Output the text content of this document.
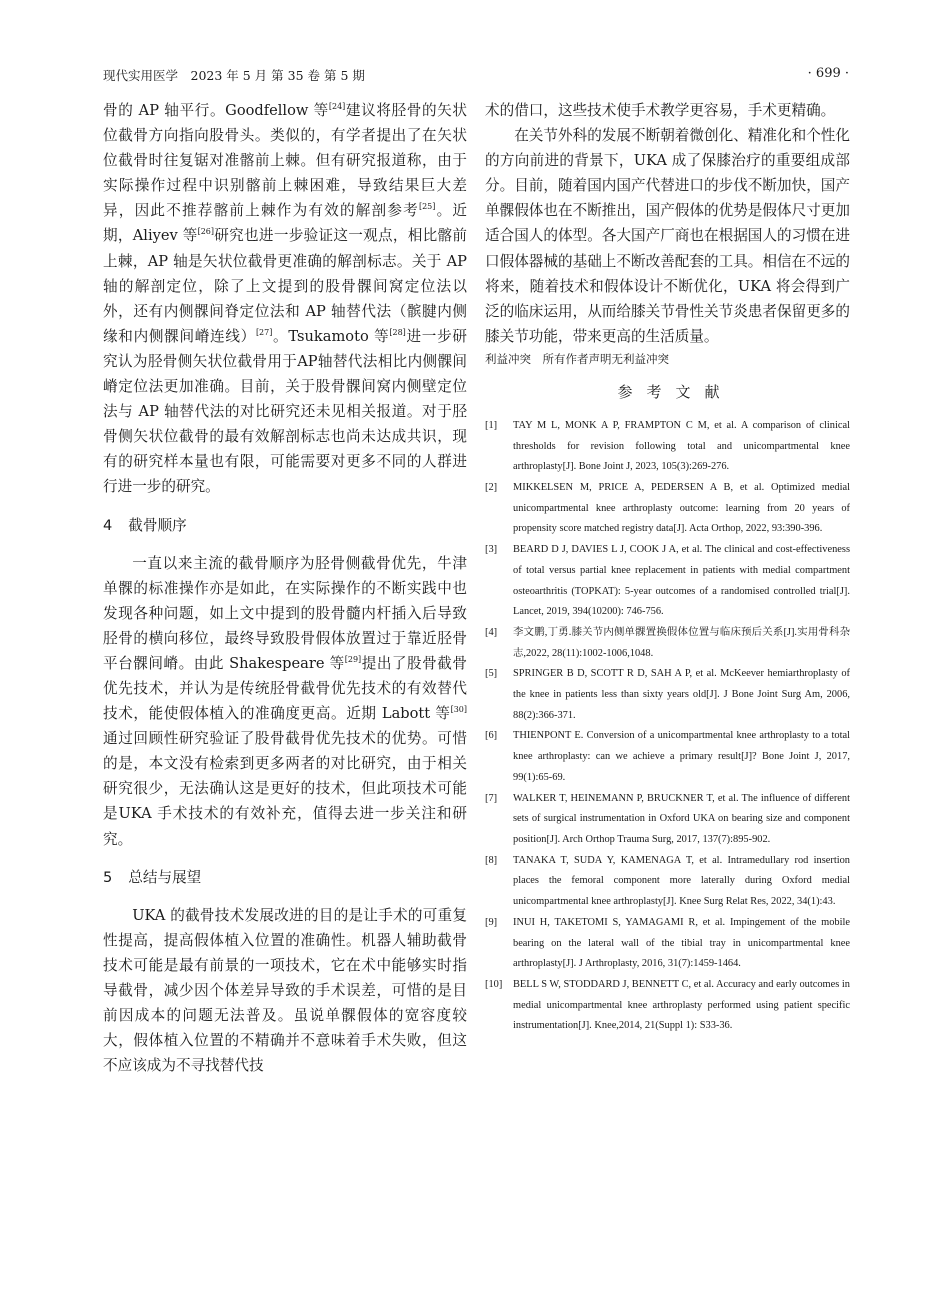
现代实用医学　2023 年 5 月 第 35 卷 第 5 期	· 699 ·

骨的 AP 轴平行。Goodfellow 等[24]建议将胫骨的矢状位截骨方向指向股骨头。类似的，有学者提出了在矢状位截骨时往复锯对准髂前上棘。但有研究报道称，由于实际操作过程中识别髂前上棘困难，导致结果巨大差异，因此不推荐髂前上棘作为有效的解剖参考[25]。近期，Aliyev 等[26]研究也进一步验证这一观点，相比髂前上棘，AP 轴是矢状位截骨更准确的解剖标志。关于 AP 轴的解剖定位，除了上文提到的股骨髁间窝定位法以外，还有内侧髁间脊定位法和 AP 轴替代法（髌腱内侧缘和内侧髁间嵴连线）[27]。Tsukamoto 等[28]进一步研究认为胫骨侧矢状位截骨用于AP轴替代法相比内侧髁间嵴定位法更加准确。目前，关于股骨髁间窝内侧壁定位法与 AP 轴替代法的对比研究还未见相关报道。对于胫骨侧矢状位截骨的最有效解剖标志也尚未达成共识，现有的研究样本量也有限，可能需要对更多不同的人群进行进一步的研究。

4 截骨顺序

一直以来主流的截骨顺序为胫骨侧截骨优先，牛津单髁的标准操作亦是如此，在实际操作的不断实践中也发现各种问题，如上文中提到的股骨髓内杆插入后导致胫骨的横向移位，最终导致股骨假体放置过于靠近胫骨平台髁间嵴。由此 Shakespeare 等[29]提出了股骨截骨优先技术，并认为是传统胫骨截骨优先技术的有效替代技术，能使假体植入的准确度更高。近期 Labott 等[30]通过回顾性研究验证了股骨截骨优先技术的优势。可惜的是，本文没有检索到更多两者的对比研究，由于相关研究很少，无法确认这是更好的技术，但此项技术可能是UKA 手术技术的有效补充，值得去进一步关注和研究。

5 总结与展望

UKA 的截骨技术发展改进的目的是让手术的可重复性提高，提高假体植入位置的准确性。机器人辅助截骨技术可能是最有前景的一项技术，它在术中能够实时指导截骨，减少因个体差异导致的手术误差，可惜的是目前因成本的问题无法普及。虽说单髁假体的宽容度较大，假体植入位置的不精确并不意味着手术失败，但这不应该成为不寻找替代技

术的借口，这些技术使手术教学更容易，手术更精确。

在关节外科的发展不断朝着微创化、精准化和个性化的方向前进的背景下，UKA 成了保膝治疗的重要组成部分。目前，随着国内国产代替进口的步伐不断加快，国产单髁假体也在不断推出，国产假体的优势是假体尺寸更加适合国人的体型。各大国产厂商也在根据国人的习惯在进口假体器械的基础上不断改善配套的工具。相信在不远的将来，随着技术和假体设计不断优化，UKA 将会得到广泛的临床运用，从而给膝关节骨性关节炎患者保留更多的膝关节功能，带来更高的生活质量。

利益冲突　所有作者声明无利益冲突

参考文献
[1] TAY M L, MONK A P, FRAMPTON C M, et al. A comparison of clinical thresholds for revision following total and unicompartmental knee arthroplasty[J]. Bone Joint J, 2023, 105(3):269-276.
[2] MIKKELSEN M, PRICE A, PEDERSEN A B, et al. Optimized medial unicompartmental knee arthroplasty outcome: learning from 20 years of propensity score matched registry data[J]. Acta Orthop, 2022, 93:390-396.
[3] BEARD D J, DAVIES L J, COOK J A, et al. The clinical and cost-effectiveness of total versus partial knee replacement in patients with medial compartment osteoarthritis (TOPKAT): 5-year outcomes of a randomised controlled trial[J]. Lancet, 2019, 394(10200): 746-756.
[4] 李文鹏,丁勇.膝关节内侧单髁置换假体位置与临床预后关系[J].实用骨科杂志,2022, 28(11):1002-1006,1048.
[5] SPRINGER B D, SCOTT R D, SAH A P, et al. McKeever hemiarthroplasty of the knee in patients less than sixty years old[J]. J Bone Joint Surg Am, 2006, 88(2):366-371.
[6] THIENPONT E. Conversion of a unicompartmental knee arthroplasty to a total knee arthroplasty: can we achieve a primary result[J]? Bone Joint J, 2017, 99(1):65-69.
[7] WALKER T, HEINEMANN P, BRUCKNER T, et al. The influence of different sets of surgical instrumentation in Oxford UKA on bearing size and component position[J]. Arch Orthop Trauma Surg, 2017, 137(7):895-902.
[8] TANAKA T, SUDA Y, KAMENAGA T, et al. Intramedullary rod insertion places the femoral component more laterally during Oxford medial unicompartmental knee arthroplasty[J]. Knee Surg Relat Res, 2022, 34(1):43.
[9] INUI H, TAKETOMI S, YAMAGAMI R, et al. Impingement of the mobile bearing on the lateral wall of the tibial tray in unicompartmental knee arthroplasty[J]. J Arthroplasty, 2016, 31(7):1459-1464.
[10] BELL S W, STODDARD J, BENNETT C, et al. Accuracy and early outcomes in medial unicompartmental knee arthroplasty performed using patient specific instrumentation[J]. Knee,2014, 21(Suppl 1): S33-36.
